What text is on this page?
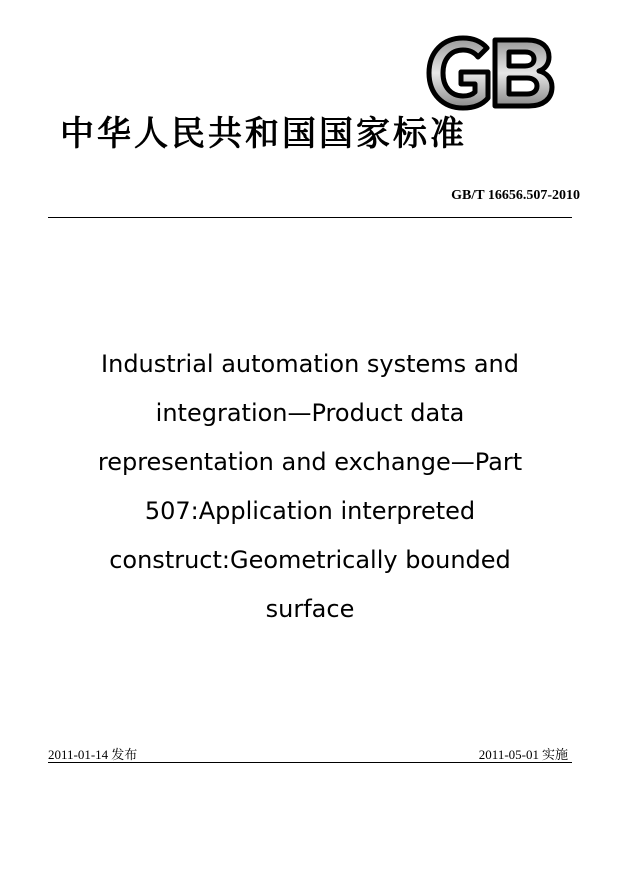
GB
中华人民共和国国家标准
GB/T 16656.507-2010
Industrial automation systems and
integration—Product data
representation and exchange—Part
507:Application interpreted
construct:Geometrically bounded
surface
2011-01-14 发布	2011-05-01 实施
